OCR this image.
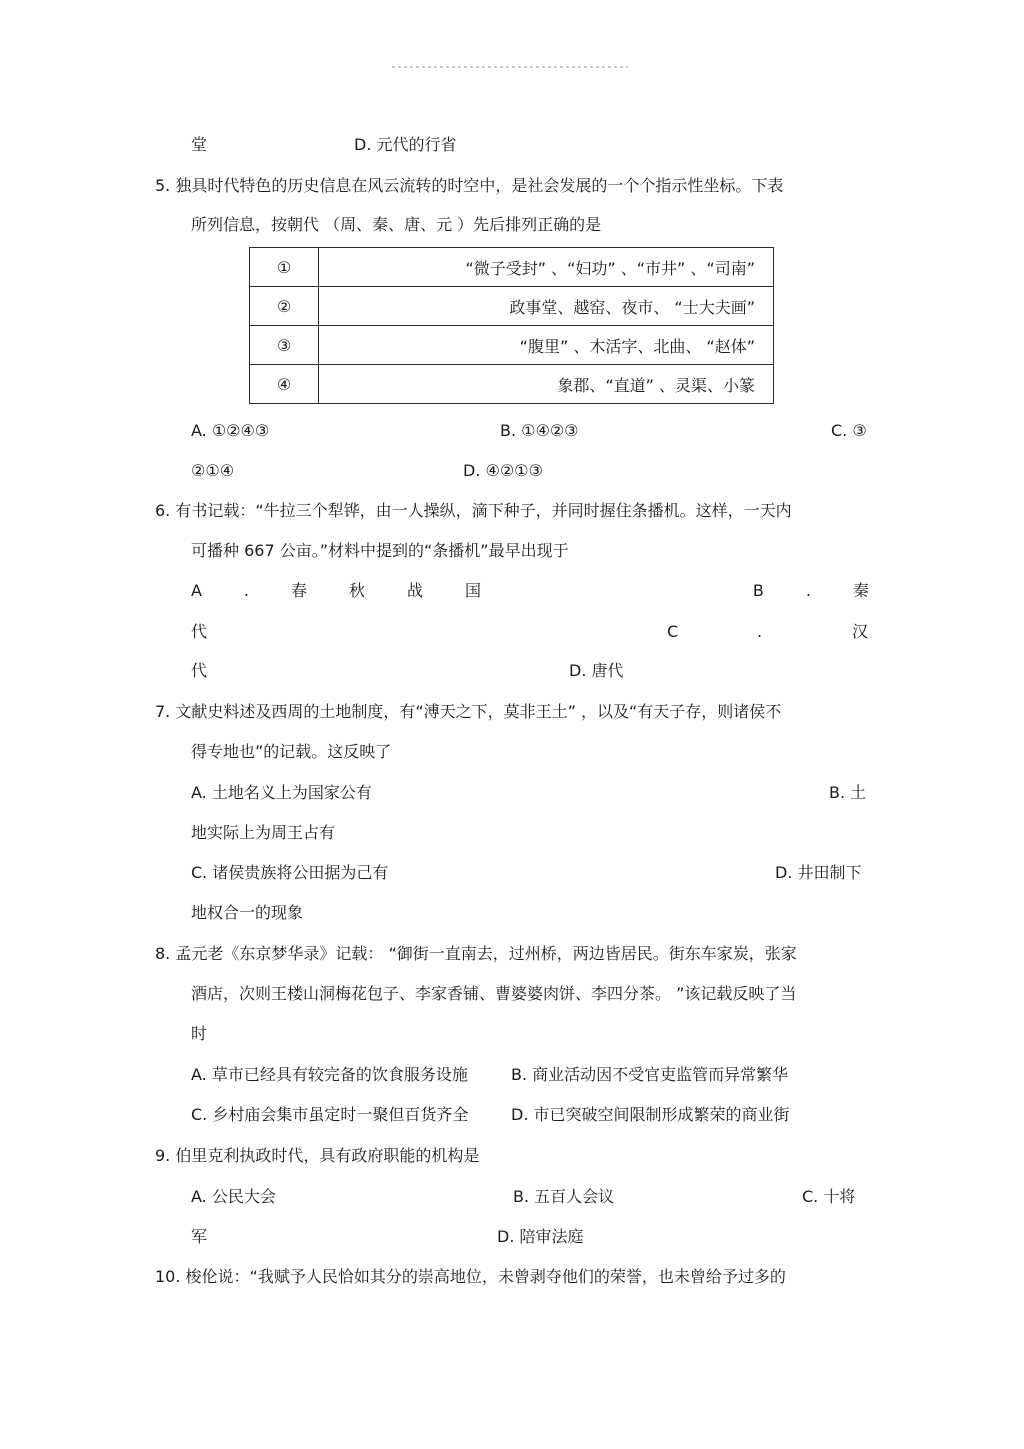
堂	D. 元代的行省
5. 独具时代特色的历史信息在风云流转的时空中，是社会发展的一个个指示性坐标。下表
所列信息，按朝代 （周、秦、唐、元 ）先后排列正确的是
①	“微子受封” 、“妇功” 、“市井” 、“司南”
②	政事堂、越窑、夜市、 “士大夫画”
③	“腹里” 、木活字、北曲、 “赵体”
④	象郡、“直道” 、灵渠、小篆
A. ①②④③	B. ①④②③	C. ③
②①④	D. ④②①③
6. 有书记载：“牛拉三个犁铧，由一人操纵，滴下种子，并同时握住条播机。这样，一天内
可播种 667 公亩。”材料中提到的“条播机”最早出现于
A	.	春	秋	战	国	B	.	秦
代	C	.	汉
代	D. 唐代
7. 文献史料述及西周的土地制度，有“溥天之下，莫非王土” ，以及“有天子存，则诸侯不
得专地也”的记载。这反映了
A. 土地名义上为国家公有	B. 土
地实际上为周王占有
C. 诸侯贵族将公田据为己有	D. 井田制下
地权合一的现象
8. 孟元老《东京梦华录》记载： “御街一直南去，过州桥，两边皆居民。街东车家炭，张家
酒店，次则王楼山洞梅花包子、李家香铺、曹婆婆肉饼、李四分茶。 ”该记载反映了当
时
A. 草市已经具有较完备的饮食服务设施	B. 商业活动因不受官吏监管而异常繁华
C. 乡村庙会集市虽定时一聚但百货齐全	D. 市已突破空间限制形成繁荣的商业街
9. 伯里克利执政时代，具有政府职能的机构是
A. 公民大会	B. 五百人会议	C. 十将
军	D. 陪审法庭
10. 梭伦说：“我赋予人民恰如其分的崇高地位，未曾剥夺他们的荣誉，也未曾给予过多的
